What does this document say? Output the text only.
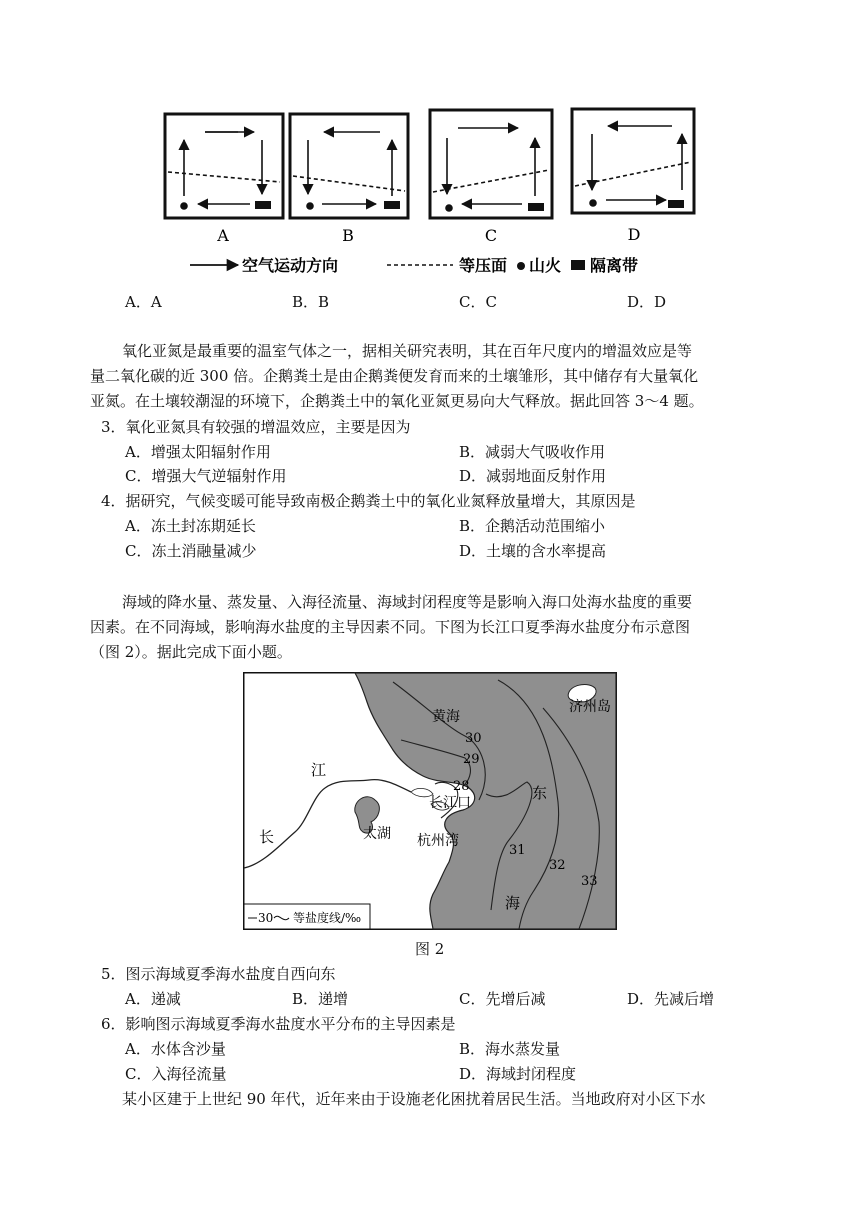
A	B	C	D
空气运动方向	等压面 山火 隔离带
A．A	B．B	C．C	D．D
氧化亚氮是最重要的温室气体之一，据相关研究表明，其在百年尺度内的增温效应是等
量二氧化碳的近 300 倍。企鹅粪土是由企鹅粪便发育而来的土壤雏形，其中储存有大量氧化
亚氮。在土壤较潮湿的环境下，企鹅粪土中的氧化亚氮更易向大气释放。据此回答 3～4 题。
3．氧化亚氮具有较强的增温效应，主要是因为
A．增强太阳辐射作用	B．减弱大气吸收作用
C．增强大气逆辐射作用	D．减弱地面反射作用
4．据研究，气候变暖可能导致南极企鹅粪土中的氧化业氮释放量增大，其原因是
A．冻土封冻期延长	B．企鹅活动范围缩小
C．冻土消融量减少	D．土壤的含水率提高
海域的降水量、蒸发量、入海径流量、海域封闭程度等是影响入海口处海水盐度的重要
因素。在不同海域，影响海水盐度的主导因素不同。下图为长江口夏季海水盐度分布示意图
（图 2）。据此完成下面小题。
黄海
济州岛
30
29
28
江
长江口
东
长	太湖 杭州湾
31
32
33
海
30 等盐度线/‰
图 2
5．图示海域夏季海水盐度自西向东
A．递减	B．递增	C．先增后减	D．先减后增
6．影响图示海域夏季海水盐度水平分布的主导因素是
A．水体含沙量	B．海水蒸发量
C．入海径流量	D．海域封闭程度
某小区建于上世纪 90 年代，近年来由于设施老化困扰着居民生活。当地政府对小区下水
